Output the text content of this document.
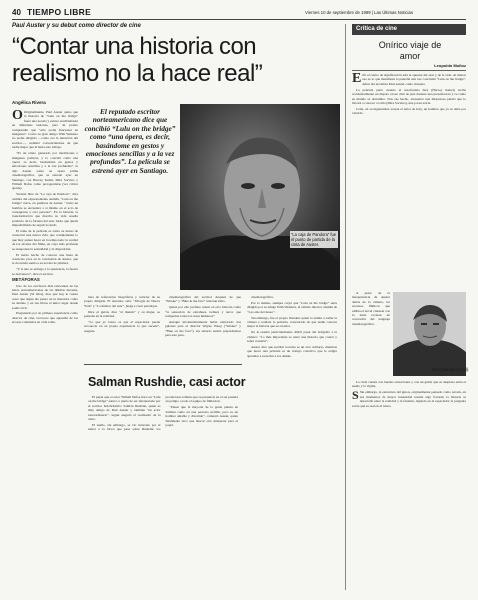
40 TIEMPO LIBRE	Viernes 10 de septiembre de 1999 | Las Últimas Noticias
Paul Auster y su debut como director de cine
“Contar una historia con realismo no la hace real”
Angélica Rivera

O Originalmente, Paul Auster quiso que la historia de “Lulu on the bridge” fuera una novela y estuvo escribiéndola en diferentes sesiones, pero de pronto comprendió que “sólo podía funcionar en imágenes”. Como su gran amigo Wim Wenders no podía dirigirla —como era la intención del escritor—, terminó convenciéndose de que nadie mejor que él haría este trabajo.

“Es un relato generado por mediciones e imágenes poéticas, y lo concebí como una ópera; es decir, basándome en gestos y emociones sencillas y a la vez profundas”, le dijo Auster sobre su ópera prima cinematográfica, que se estrenó ayer en Santiago, con Harvey Keitel, Mira Sorvino y Willem Dafoe como protagonistas (ver crítica aparte).

Versión libre de “La caja de Pandora”, obra cumbre del expresionismo alemán, “Lulu on the bridge” narra, en palabras de Auster, “cómo un hombre se encuentra a sí mismo en el acto de consagrarse a otra persona”. En la historia, la transformación que marcha su vida resulta producto de la fortuna del azar, hasta que queda imposibilitado de seguir tocando.

El tema de la película es sobre su tierno de conservar una nueva vida, que complementa lo que Izzy quiere hacer en la temporada: la verdad de los niveles del filme, en cuya más profunda se anteponen la sexualidad y la disposición.

El tierno hecho de conocer una línea de creencias yace en la conclusión de Auster, que le da rienda suelta a su novela de primera.

“Y si uno se entrega a la apariencia, la fuerza se desvanece”, dice el escritor.

METÁFORAS

Uno de los escritores más relevantes de las letras norteamericanas de las últimas décadas, Paul Auster (52 años), dice que hoy le cuesta creer que algún día pensó en la literatura como su destino y en sus libros el único lugar donde podía vivir.

Preguntado por su primera experiencia como director de cine, reconoce que aprendió de los errores cometidos en cada toma.

El reputado escritor norteamericano dice que concibió “Lulu on the bridge” como “una ópera, es decir, basándome en gestos y emociones sencillas y a la vez profundas”. La película se estrenó ayer en Santiago.
“La caja de Pandora” fue el punto de partida de la cinta de Auster.

lena de referencias biográficas y carácter de su propio dirigirla. El narrador, sabe “Trilogía de Nueva York” y “La música del azar”, juega a crear paradojas.

Dice el guión, dice “el mundo” y su mujer, se pensaba en la realidad.

“Lo que yo busco es que el espectador pueda reconocer en su propia experiencia lo que sucede”, asegura.

cinematográfica del escritor después de que “Smoke” y “Blue in the face” tuvieran éxito.

Quien por ello prefiere reunir en otro historia como “la sensación de extrañeza, belleza y terror que comparten todos los seres humanos”.

Aunque involuntariamente había elaborado dos guiones para el director Wayne Wang (“Smoke” y “Blue on the face”), sin saberlo estaba preparándose para este paso.

cinematográfica.

Por lo mismo, siempre creyó que “Lulu on the bridge” sería dirigida por su amigo Wim Wenders, el célebre director alemán de “Las alas del deseo”.

Sin embargo, fue el propio Wenders quien lo animó a tomar la cámara y realizar la película, convencido de que nadie conocía mejor la historia que su creador.

No le resultó particularmente difícil pasar del bolígrafo a la cámara: “Lo más importante es tener una historia que contar y saber contarla”.

Auster dice que escribir novelas es un acto solitario, mientras que hacer una película es un trabajo colectivo que le exigió aprender a escuchar a los demás.

Salman Rushdie, casi actor

El papel que el actor Willem Dafoe hace en “Lulu on the bridge” estuvo a punto de ser interpretado por el escritor indobritánico Salman Rushdie, quien es muy amigo de Paul Auster y también “un actor extraordinario”, según aseguró el realizador de la cinta.

El sueño, sin embargo, se vio truncado por el temor a la fatwa que pesa sobre Rushdie: los productores temían que su presencia en el set pusiera en peligro a todo el equipo de filmación.

“Pensé que la mayoría de la gente piensa en Salman como en una persona terrible, pero es un hombre amable y divertido”, comentó Auster, quien finalmente tuvo que buscar otro intérprete para el papel.

Crítica de cine
Onírico viaje de amor
Leopoldo Muñoz

E En el centro de significación está la apuesta del azar y de la vida. Al menos eso es lo que manifiesta la pantalla una vez concluida “Lulu on the bridge”, debut del novelista Paul Auster como cineasta.

La película parte cuando el saxofonista Izzy (Harvey Keitel) recibe accidentalmente un disparo en un club de jazz durante una presentación y ve cómo su mundo se derrumba. Tras ese hecho, encuentra una misteriosa piedra que lo llevará a conocer a Celia (Mira Sorvino), una joven actriz.

Celia, en su ingenuidad, acepta el amor de Izzy, un hombre que ya se daba por vencido.

A pesar de la inexperiencia de Auster detrás de la cámara, los recursos fílmicos que utiliza el novel cineasta con la lente revelan un conocedor del lenguaje cinematográfico.

Izzy (Harvey Keitel).

La cinta cuenta con buenas actuaciones y con un guión que se desplaza entre el sueño y la vigilia.

S Sin embargo, la estructura del guion, originalmente pensado como novela, en sus momentos de mayor intensidad resulta algo forzada; la historia se desarrolla entre la realidad y la fantasía, dejando en el espectador la pregunta sobre qué es real en el relato.
